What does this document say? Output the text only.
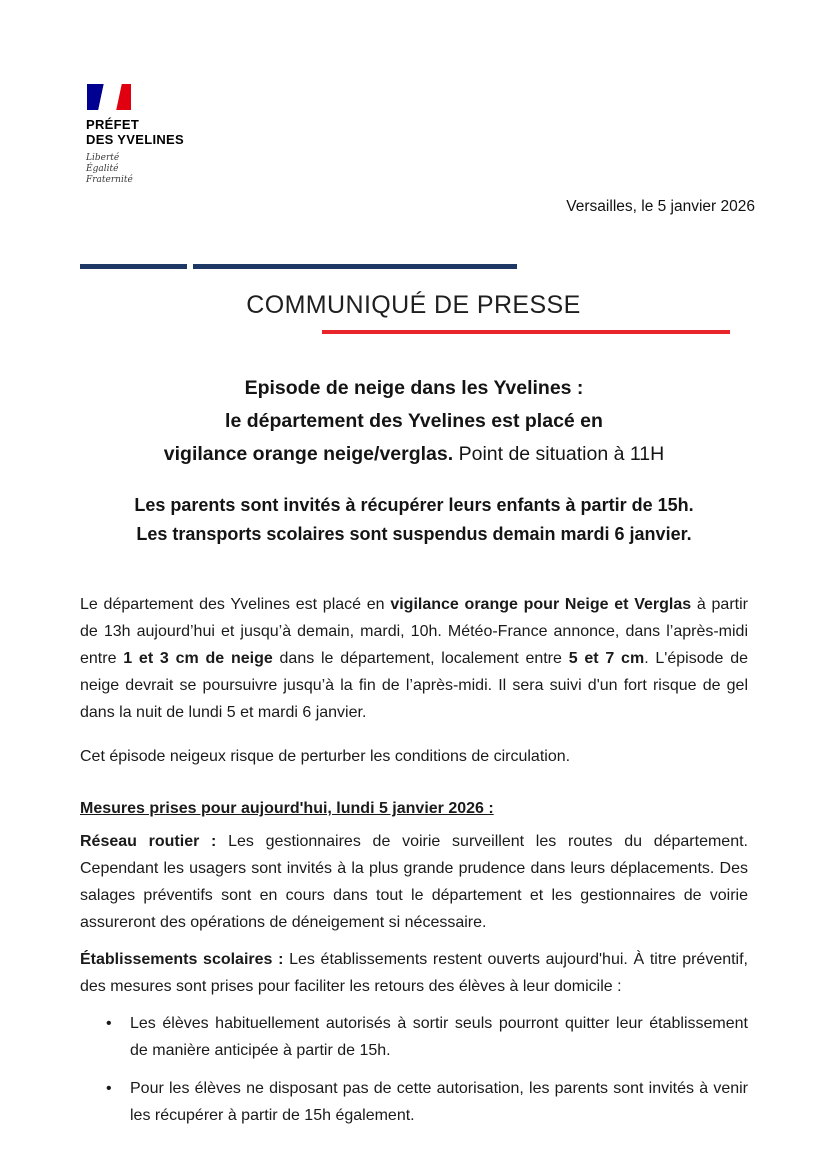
PRÉFET
DES YVELINES
Liberté
Égalité
Fraternité
Versailles, le 5 janvier 2026
COMMUNIQUÉ DE PRESSE
Episode de neige dans les Yvelines :
le département des Yvelines est placé en
vigilance orange neige/verglas. Point de situation à 11H
Les parents sont invités à récupérer leurs enfants à partir de 15h.
Les transports scolaires sont suspendus demain mardi 6 janvier.

Le département des Yvelines est placé en vigilance orange pour Neige et Verglas à partir de 13h aujourd’hui et jusqu’à demain, mardi, 10h. Météo-France annonce, dans l’après-midi entre 1 et 3 cm de neige dans le département, localement entre 5 et 7 cm. L'épisode de neige devrait se poursuivre jusqu’à la fin de l’après-midi. Il sera suivi d'un fort risque de gel dans la nuit de lundi 5 et mardi 6 janvier.

Cet épisode neigeux risque de perturber les conditions de circulation.

Mesures prises pour aujourd'hui, lundi 5 janvier 2026 :

Réseau routier : Les gestionnaires de voirie surveillent les routes du département. Cependant les usagers sont invités à la plus grande prudence dans leurs déplacements. Des salages préventifs sont en cours dans tout le département et les gestionnaires de voirie assureront des opérations de déneigement si nécessaire.

Établissements scolaires : Les établissements restent ouverts aujourd'hui. À titre préventif, des mesures sont prises pour faciliter les retours des élèves à leur domicile :

• Les élèves habituellement autorisés à sortir seuls pourront quitter leur établissement de manière anticipée à partir de 15h.
• Pour les élèves ne disposant pas de cette autorisation, les parents sont invités à venir les récupérer à partir de 15h également.
